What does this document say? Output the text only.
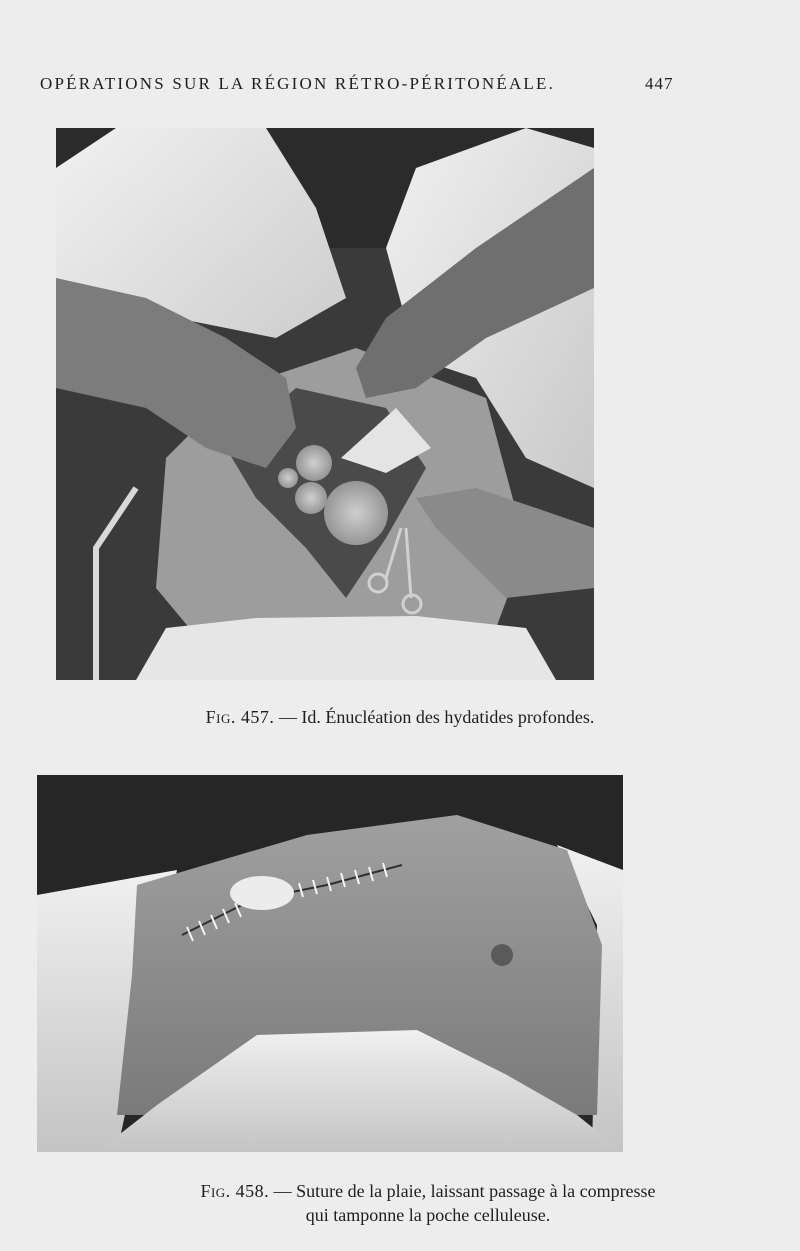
OPÉRATIONS SUR LA RÉGION RÉTRO-PÉRITONÉALE.	447
Fig. 457. — Id. Énucléation des hydatides profondes.
Fig. 458. — Suture de la plaie, laissant passage à la compresse
qui tamponne la poche celluleuse.
